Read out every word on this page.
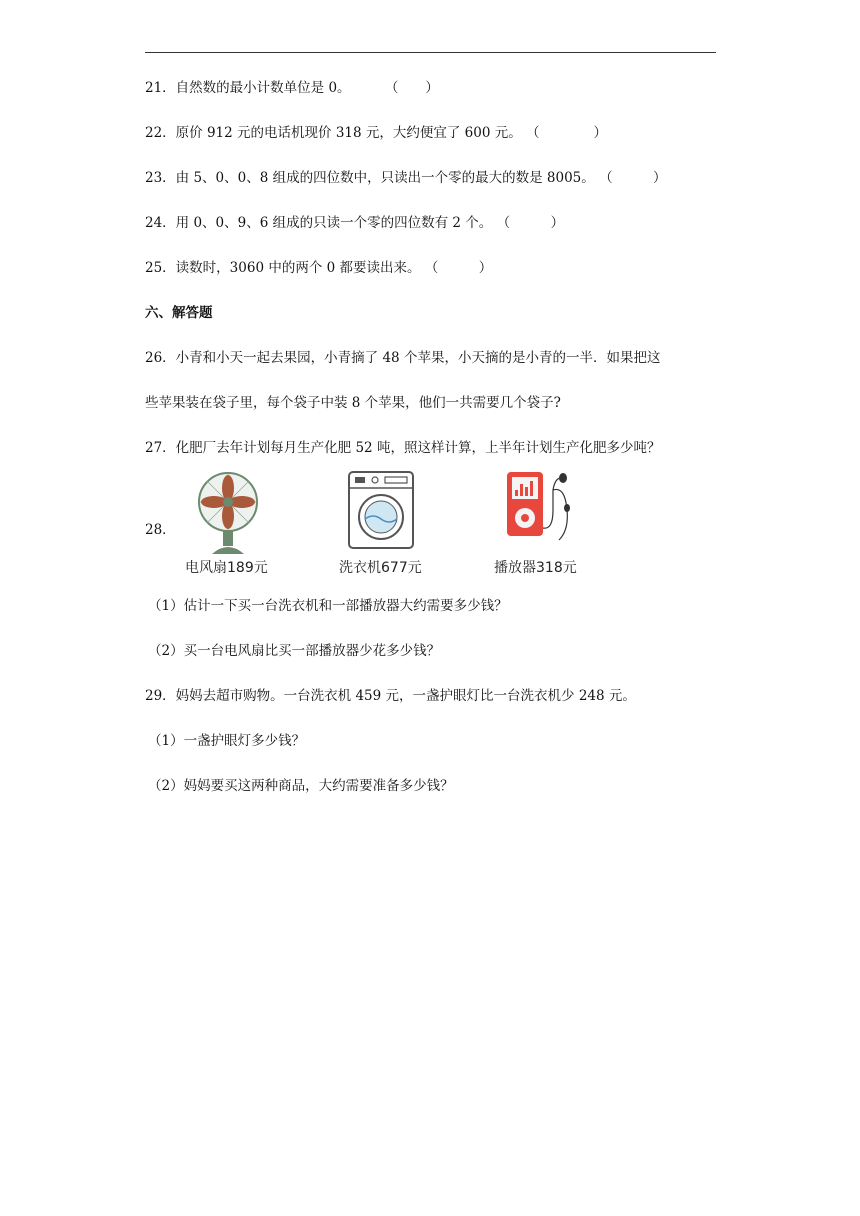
21．自然数的最小计数单位是 0。	（　　）
22．原价 912 元的电话机现价 318 元，大约便宜了 600 元。 （　　　　）
23．由 5、0、0、8 组成的四位数中，只读出一个零的最大的数是 8005。 （　　　）
24．用 0、0、9、6 组成的只读一个零的四位数有 2 个。 （　　　）
25．读数时，3060 中的两个 0 都要读出来。 （　　　）
六、解答题
26．小青和小天一起去果园，小青摘了 48 个苹果，小天摘的是小青的一半．如果把这
些苹果装在袋子里，每个袋子中装 8 个苹果，他们一共需要几个袋子?
27．化肥厂去年计划每月生产化肥 52 吨，照这样计算，上半年计划生产化肥多少吨？
28．
电风扇189元	洗衣机677元	播放器318元
（1）估计一下买一台洗衣机和一部播放器大约需要多少钱？
（2）买一台电风扇比买一部播放器少花多少钱？
29．妈妈去超市购物。一台洗衣机 459 元，一盏护眼灯比一台洗衣机少 248 元。
（1）一盏护眼灯多少钱？
（2）妈妈要买这两种商品，大约需要准备多少钱？
